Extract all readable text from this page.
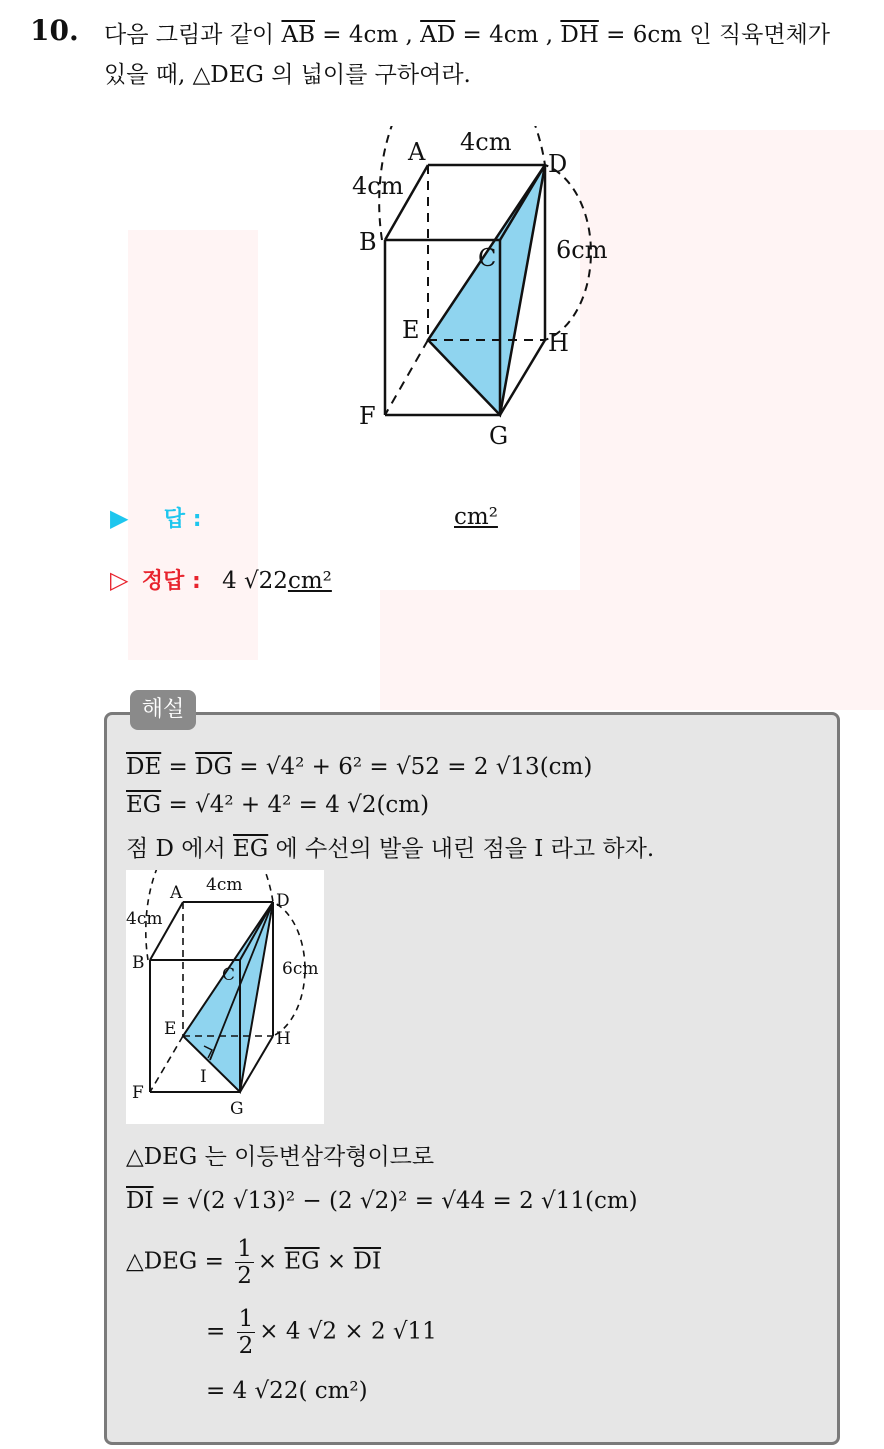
10. 다음 그림과 같이 $\overline{AB} = 4cm$ , $\overline{AD} = 4cm$ , $\overline{DH} = 6cm$ 인 직육면체가
있을 때, △DEG 의 넓이를 구하여라.
A
B
C
D
E
F
G
H
4cm
4cm
6cm
▶ 답 :	cm²
▷ 정답 : 4 √22cm²
해설
$\overline{DE} = \overline{DG} = √4^2 + 6^2 = √52 = 2$ √13(cm)
$\overline{EG} = √4^2 + 4^2 = 4$ √2(cm)
점 D 에서 $\overline{EG}$ 에 수선의 발을 내린 점을 I 라고 하자.
A
B
C
D
E
F
G
H
I
4cm
4cm
6cm
△DEG 는 이등변삼각형이므로
$\overline{DI} = √(2$ √13)² − (2 √2)² = √44 = 2 √11(cm)
△DEG = $\frac{1}{2} \times \overline{EG} \times \overline{DI}$
= $\frac{1}{2} \times 4$ √2 × 2 √11
= 4 √22( cm²)
